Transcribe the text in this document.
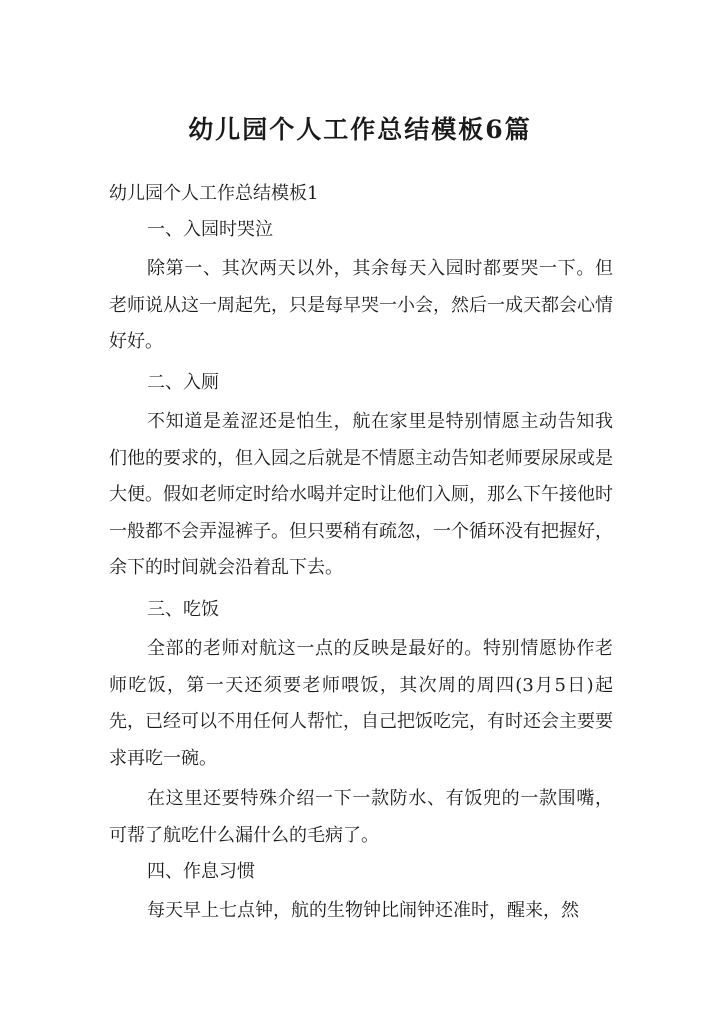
幼儿园个人工作总结模板6篇
幼儿园个人工作总结模板1
一、入园时哭泣

除第一、其次两天以外，其余每天入园时都要哭一下。但老师说从这一周起先，只是每早哭一小会，然后一成天都会心情好好。

二、入厕

不知道是羞涩还是怕生，航在家里是特别情愿主动告知我们他的要求的，但入园之后就是不情愿主动告知老师要尿尿或是大便。假如老师定时给水喝并定时让他们入厕，那么下午接他时一般都不会弄湿裤子。但只要稍有疏忽，一个循环没有把握好，余下的时间就会沿着乱下去。

三、吃饭

全部的老师对航这一点的反映是最好的。特别情愿协作老师吃饭，第一天还须要老师喂饭，其次周的周四(3月5日)起先，已经可以不用任何人帮忙，自己把饭吃完，有时还会主要要求再吃一碗。

在这里还要特殊介绍一下一款防水、有饭兜的一款围嘴，可帮了航吃什么漏什么的毛病了。

四、作息习惯

每天早上七点钟，航的生物钟比闹钟还准时，醒来，然
